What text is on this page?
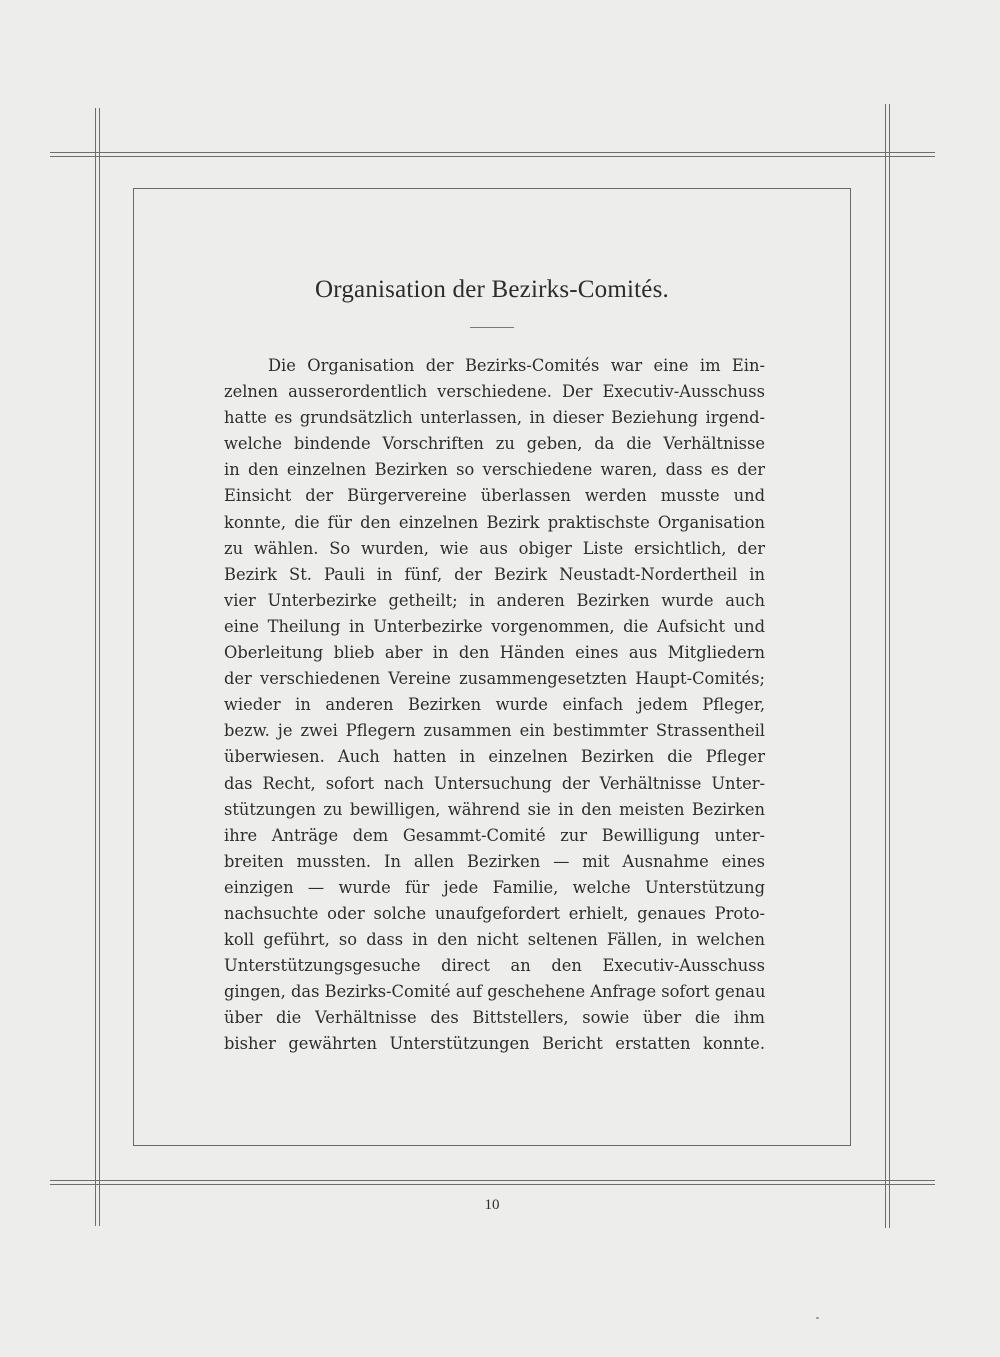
Organisation der Bezirks-Comités.
Die Organisation der Bezirks-Comités war eine im Ein-
zelnen ausserordentlich verschiedene. Der Executiv-Ausschuss
hatte es grundsätzlich unterlassen, in dieser Beziehung irgend-
welche bindende Vorschriften zu geben, da die Verhältnisse
in den einzelnen Bezirken so verschiedene waren, dass es der
Einsicht der Bürgervereine überlassen werden musste und
konnte, die für den einzelnen Bezirk praktischste Organisation
zu wählen. So wurden, wie aus obiger Liste ersichtlich, der
Bezirk St. Pauli in fünf, der Bezirk Neustadt-Nordertheil in
vier Unterbezirke getheilt; in anderen Bezirken wurde auch
eine Theilung in Unterbezirke vorgenommen, die Aufsicht und
Oberleitung blieb aber in den Händen eines aus Mitgliedern
der verschiedenen Vereine zusammengesetzten Haupt-Comités;
wieder in anderen Bezirken wurde einfach jedem Pfleger,
bezw. je zwei Pflegern zusammen ein bestimmter Strassentheil
überwiesen. Auch hatten in einzelnen Bezirken die Pfleger
das Recht, sofort nach Untersuchung der Verhältnisse Unter-
stützungen zu bewilligen, während sie in den meisten Bezirken
ihre Anträge dem Gesammt-Comité zur Bewilligung unter-
breiten mussten. In allen Bezirken — mit Ausnahme eines
einzigen — wurde für jede Familie, welche Unterstützung
nachsuchte oder solche unaufgefordert erhielt, genaues Proto-
koll geführt, so dass in den nicht seltenen Fällen, in welchen
Unterstützungsgesuche direct an den Executiv-Ausschuss
gingen, das Bezirks-Comité auf geschehene Anfrage sofort genau
über die Verhältnisse des Bittstellers, sowie über die ihm
bisher gewährten Unterstützungen Bericht erstatten konnte.
10
